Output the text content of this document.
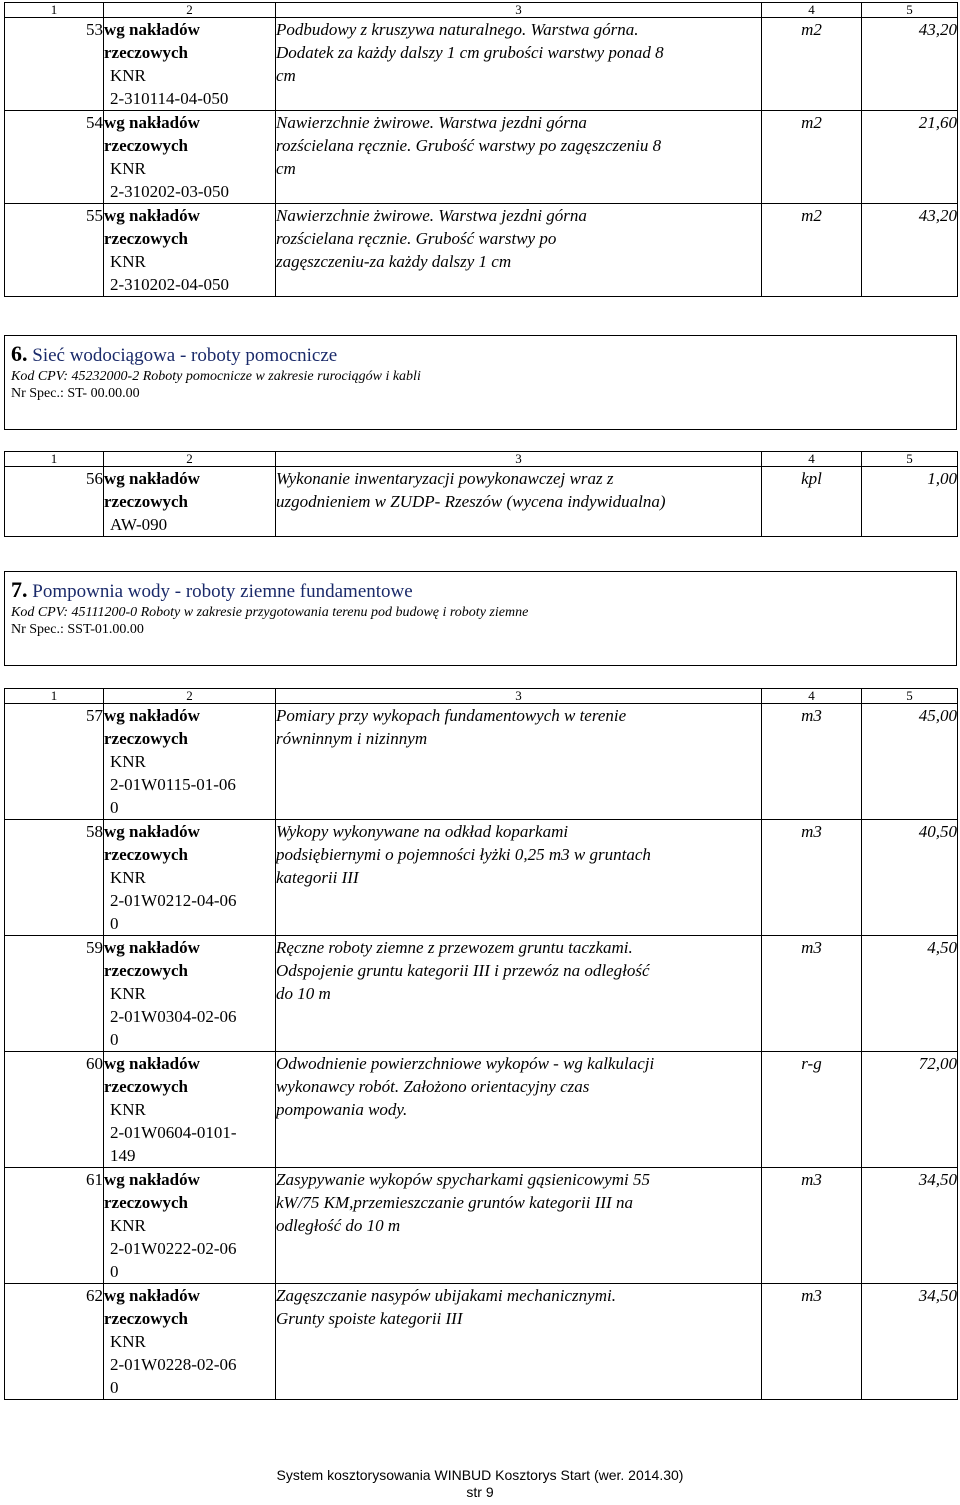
1	2	3	4	5
53	wg nakładów
rzeczowych
KNR
2-310114-04-050	Podbudowy z kruszywa naturalnego. Warstwa górna.
Dodatek za każdy dalszy 1 cm grubości warstwy ponad 8
cm	m2	43,20
54	wg nakładów
rzeczowych
KNR
2-310202-03-050	Nawierzchnie żwirowe. Warstwa jezdni górna
rozścielana ręcznie. Grubość warstwy po zagęszczeniu 8
cm	m2	21,60
55	wg nakładów
rzeczowych
KNR
2-310202-04-050	Nawierzchnie żwirowe. Warstwa jezdni górna
rozścielana ręcznie. Grubość warstwy po
zagęszczeniu-za każdy dalszy 1 cm	m2	43,20
6. Sieć wodociągowa - roboty pomocnicze
Kod CPV: 45232000-2 Roboty pomocnicze w zakresie rurociągów i kabli
Nr Spec.: ST- 00.00.00
1	2	3	4	5
56	wg nakładów
rzeczowych
AW-090	Wykonanie inwentaryzacji powykonawczej wraz z
uzgodnieniem w ZUDP- Rzeszów (wycena indywidualna)	kpl	1,00
7. Pompownia wody - roboty ziemne fundamentowe
Kod CPV: 45111200-0 Roboty w zakresie przygotowania terenu pod budowę i roboty ziemne
Nr Spec.: SST-01.00.00
1	2	3	4	5
57	wg nakładów
rzeczowych
KNR
2-01W0115-01-06
0	Pomiary przy wykopach fundamentowych w terenie
równinnym i nizinnym	m3	45,00
58	wg nakładów
rzeczowych
KNR
2-01W0212-04-06
0	Wykopy wykonywane na odkład koparkami
podsiębiernymi o pojemności łyżki 0,25 m3 w gruntach
kategorii III	m3	40,50
59	wg nakładów
rzeczowych
KNR
2-01W0304-02-06
0	Ręczne roboty ziemne z przewozem gruntu taczkami.
Odspojenie gruntu kategorii III i przewóz na odległość
do 10 m	m3	4,50
60	wg nakładów
rzeczowych
KNR
2-01W0604-0101-
149	Odwodnienie powierzchniowe wykopów - wg kalkulacji
wykonawcy robót. Założono orientacyjny czas
pompowania wody.	r-g	72,00
61	wg nakładów
rzeczowych
KNR
2-01W0222-02-06
0	Zasypywanie wykopów spycharkami gąsienicowymi 55
kW/75 KM,przemieszczanie gruntów kategorii III na
odległość do 10 m	m3	34,50
62	wg nakładów
rzeczowych
KNR
2-01W0228-02-06
0	Zagęszczanie nasypów ubijakami mechanicznymi.
Grunty spoiste kategorii III	m3	34,50
System kosztorysowania WINBUD Kosztorys Start (wer. 2014.30)
str 9
